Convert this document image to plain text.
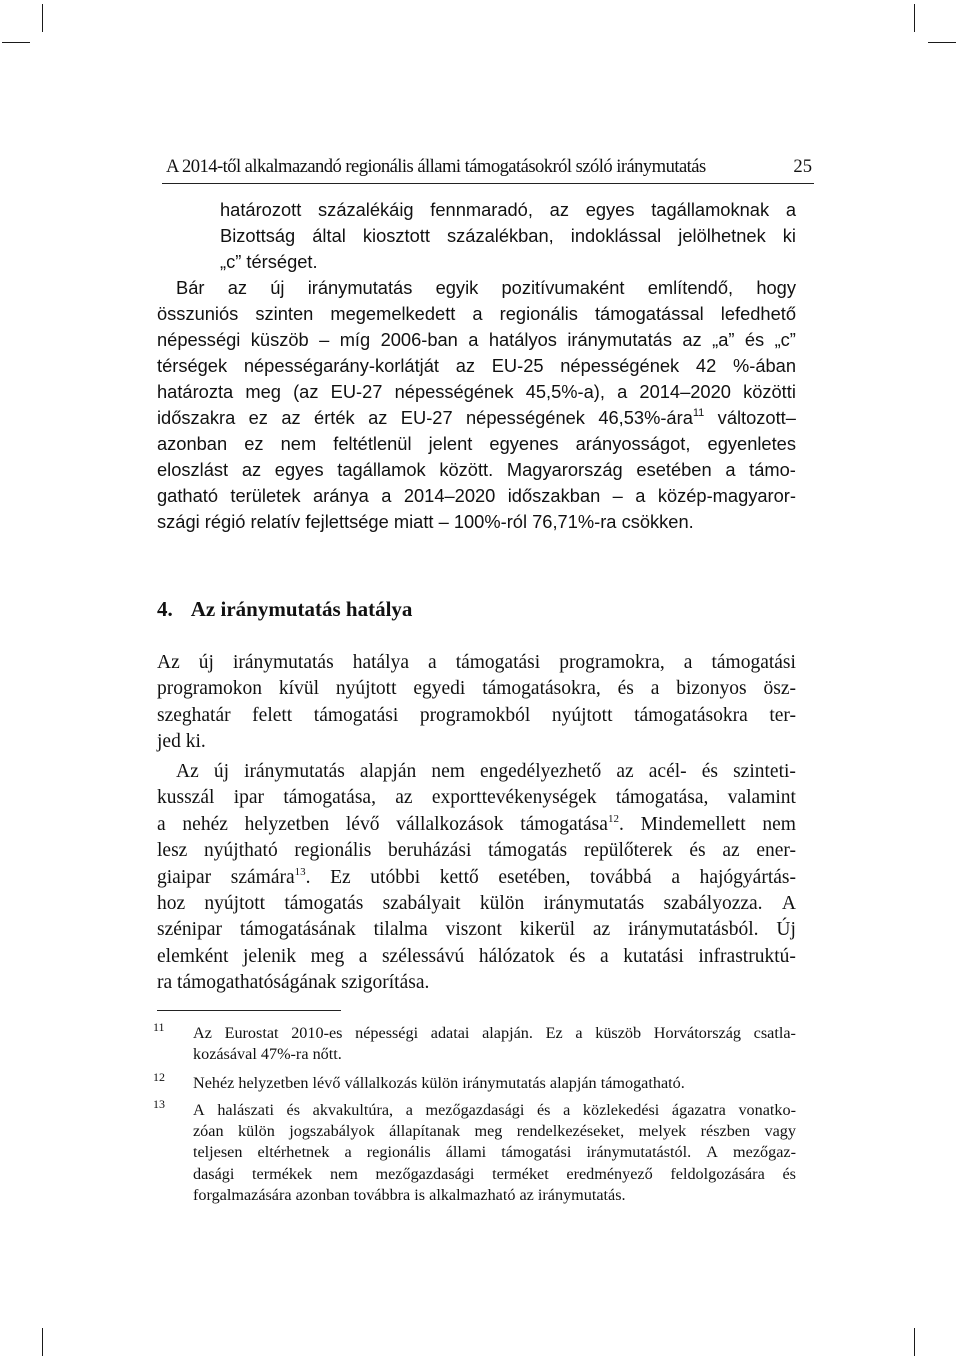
A 2014-től alkalmazandó regionális állami támogatásokról szóló iránymutatás	25
határozott százalékáig fennmaradó, az egyes tagállamoknak a
Bizottság által kiosztott százalékban, indoklással jelölhetnek ki
„c” térséget.
Bár az új iránymutatás egyik pozitívumaként említendő, hogy
összuniós szinten megemelkedett a regionális támogatással lefedhető
népességi küszöb – míg 2006-ban a hatályos iránymutatás az „a” és „c”
térségek népességarány-korlátját az EU-25 népességének 42 %-ában
határozta meg (az EU-27 népességének 45,5%-a), a 2014–2020 közötti
időszakra ez az érték az EU-27 népességének 46,53%-ára$^{11}$ változott–
azonban ez nem feltétlenül jelent egyenes arányosságot, egyenletes
eloszlást az egyes tagállamok között. Magyarország esetében a támo-
gatható területek aránya a 2014–2020 időszakban – a közép-magyaror-
szági régió relatív fejlettsége miatt – 100%-ról 76,71%-ra csökken.
Az új iránymutatás hatálya a támogatási programokra, a támogatási
programokon kívül nyújtott egyedi támogatásokra, és a bizonyos ösz-
szeghatár felett támogatási programokból nyújtott támogatásokra ter-
jed ki.
Az új iránymutatás alapján nem engedélyezhető az acél- és szinteti-
kusszál ipar támogatása, az exporttevékenységek támogatása, valamint
a nehéz helyzetben lévő vállalkozások támogatása$^{12}$. Mindemellett nem
lesz nyújtható regionális beruházási támogatás repülőterek és az ener-
giaipar számára$^{13}$. Ez utóbbi kettő esetében, továbbá a hajógyártás-
hoz nyújtott támogatás szabályait külön iránymutatás szabályozza. A
szénipar támogatásának tilalma viszont kikerül az iránymutatásból. Új
elemként jelenik meg a szélessávú hálózatok és a kutatási infrastruktú-
ra támogathatóságának szigorítása.
4. Az iránymutatás hatálya
11 Az Eurostat 2010-es népességi adatai alapján. Ez a küszöb Horvátország csatla-
kozásával 47%-ra nőtt.
12 Nehéz helyzetben lévő vállalkozás külön iránymutatás alapján támogatható.
13 A halászati és akvakultúra, a mezőgazdasági és a közlekedési ágazatra vonatko-
zóan külön jogszabályok állapítanak meg rendelkezéseket, melyek részben vagy
teljesen eltérhetnek a regionális állami támogatási iránymutatástól. A mezőgaz-
dasági termékek nem mezőgazdasági terméket eredményező feldolgozására és
forgalmazására azonban továbbra is alkalmazható az iránymutatás.
